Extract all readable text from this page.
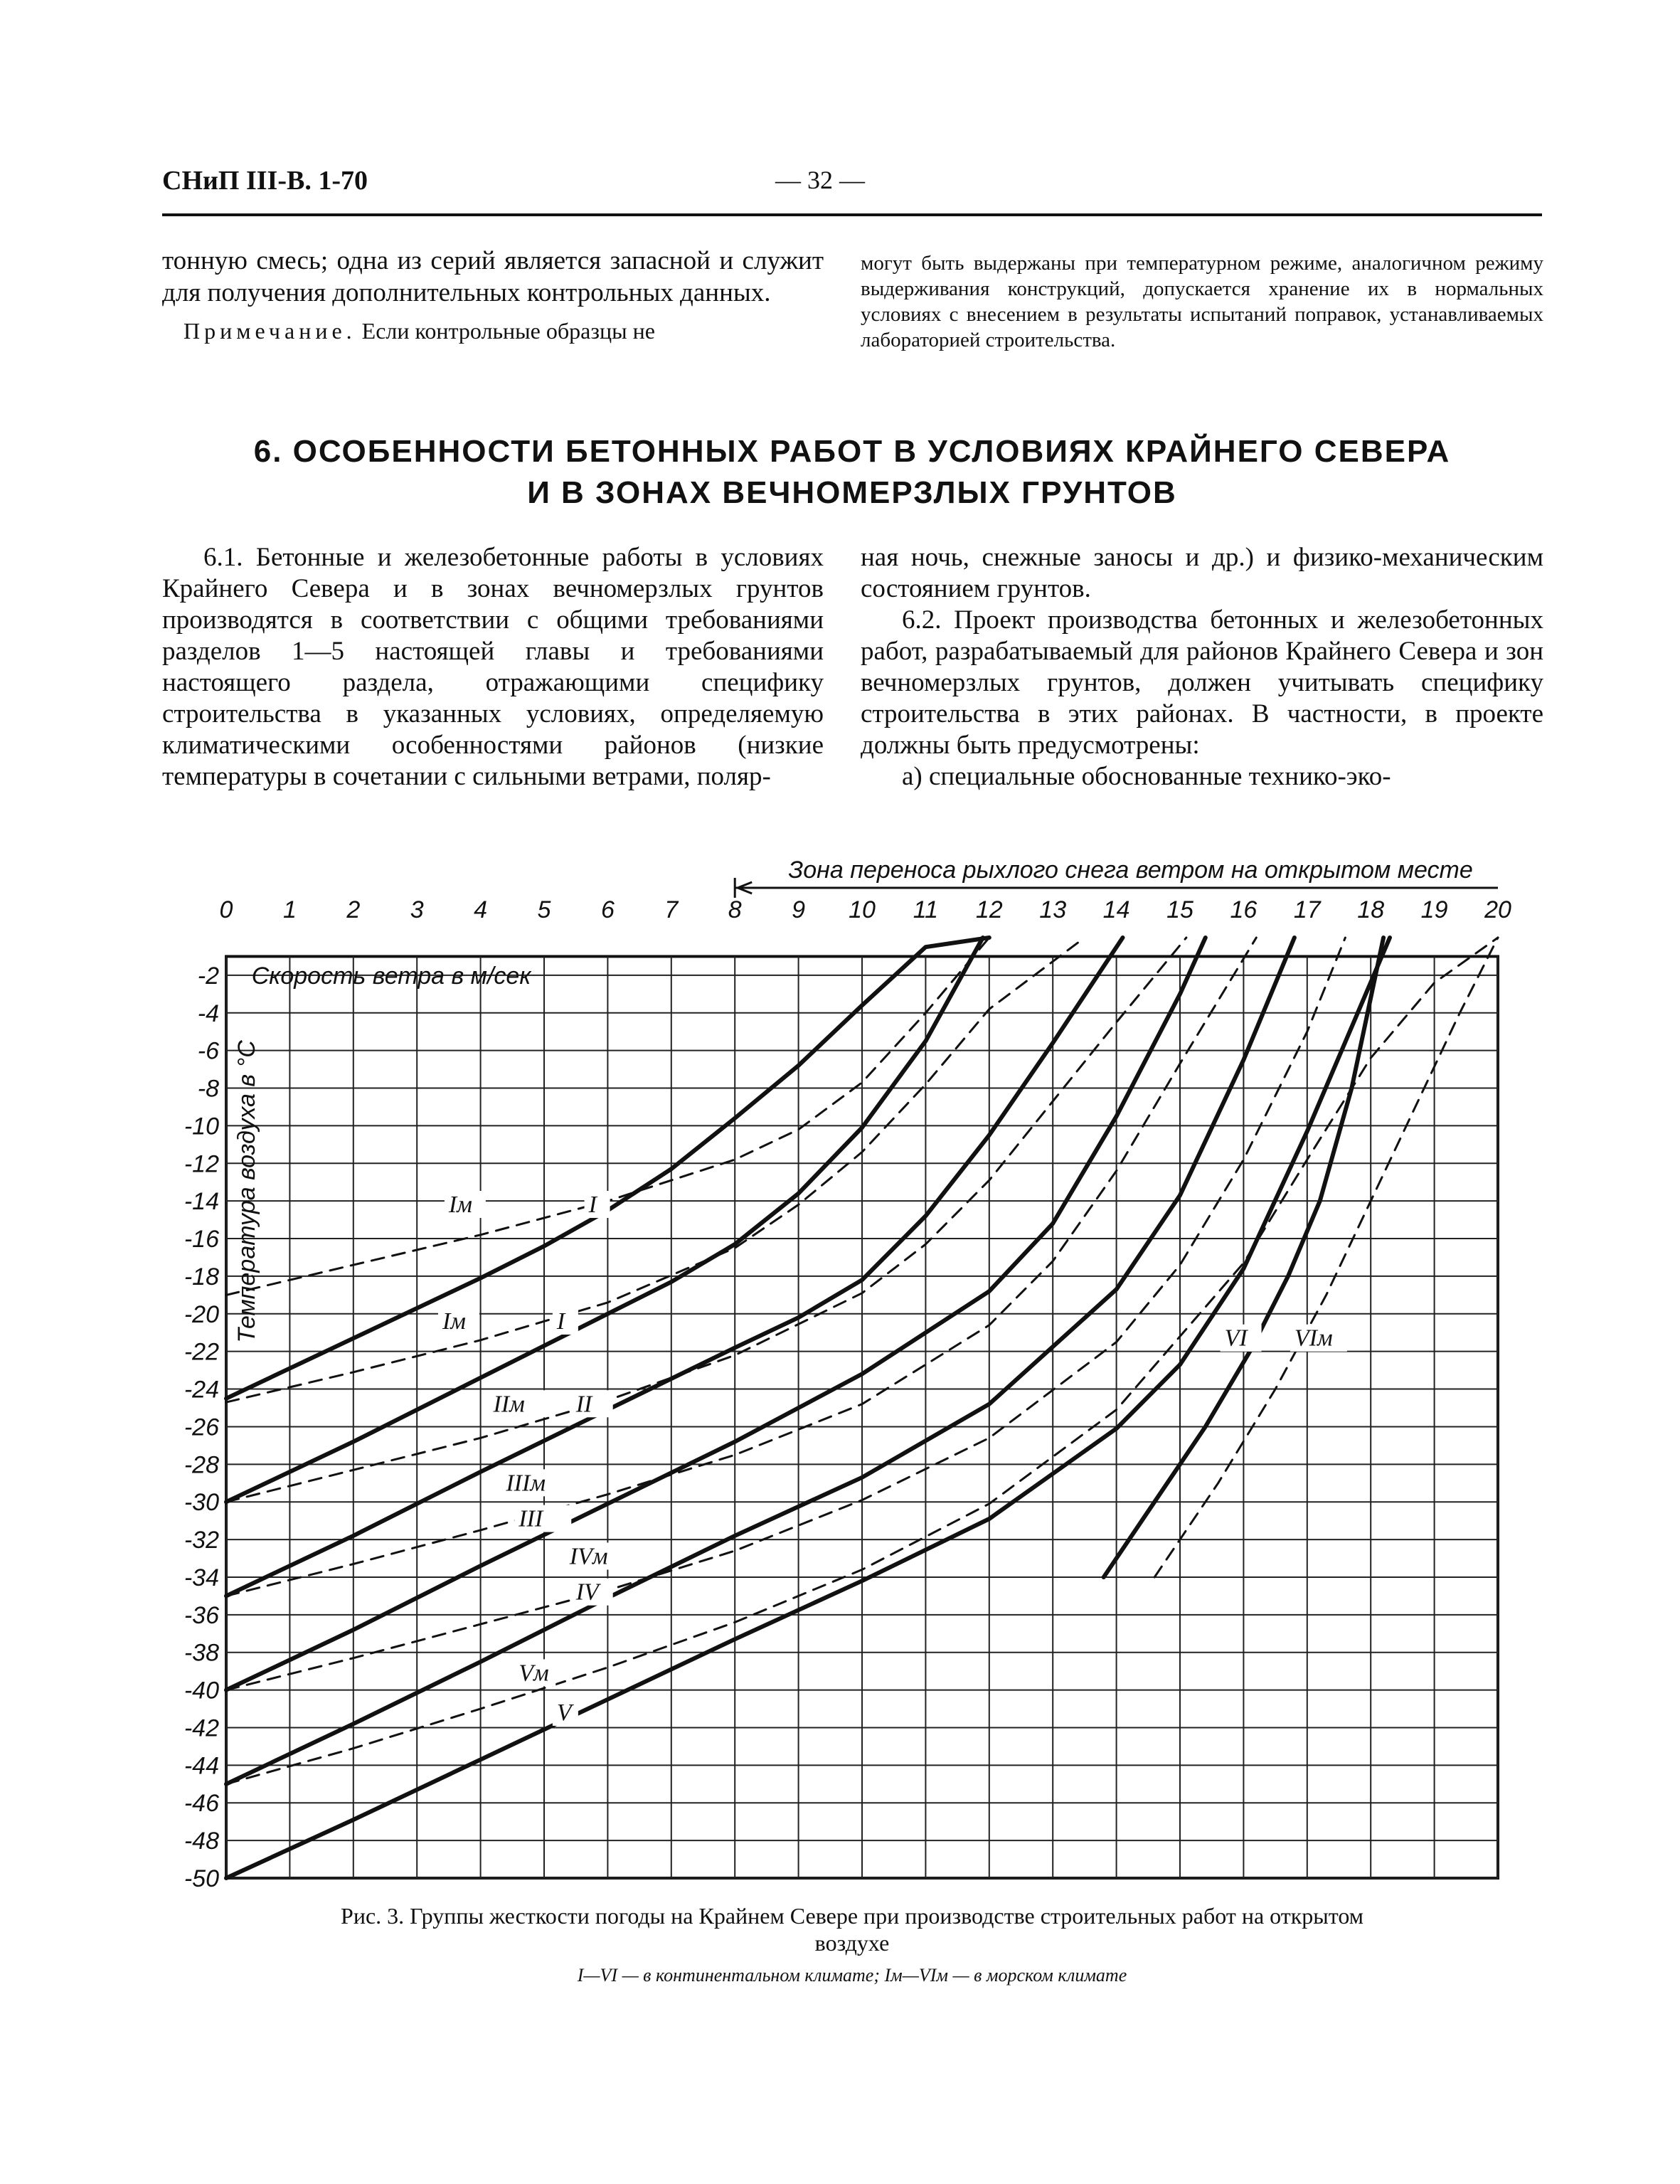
СНиП III-В. 1-70	— 32 —

тонную смесь; одна из серий является запасной и служит для получения дополнительных контрольных данных.

Примечание. Если контрольные образцы не

могут быть выдержаны при температурном режиме, аналогичном режиму выдерживания конструкций, допускается хранение их в нормальных условиях с внесением в результаты испытаний поправок, устанавливаемых лабораторией строительства.

6. ОСОБЕННОСТИ БЕТОННЫХ РАБОТ В УСЛОВИЯХ КРАЙНЕГО СЕВЕРА
И В ЗОНАХ ВЕЧНОМЕРЗЛЫХ ГРУНТОВ

6.1. Бетонные и железобетонные работы в условиях Крайнего Севера и в зонах вечномерзлых грунтов производятся в соответствии с общими требованиями разделов 1—5 настоящей главы и требованиями настоящего раздела, отражающими специфику строительства в указанных условиях, определяемую климатическими особенностями районов (низкие температуры в сочетании с сильными ветрами, поляр-

ная ночь, снежные заносы и др.) и физико-механическим состоянием грунтов.

6.2. Проект производства бетонных и железобетонных работ, разрабатываемый для районов Крайнего Севера и зон вечномерзлых грунтов, должен учитывать специфику строительства в этих районах. В частности, в проекте должны быть предусмотрены:

а) специальные обоснованные технико-эко-

0 1 2 3 4 5 6 7 8 9 10 11 12 13 14 15 16 17 18 19 20
-2
-4
-6
-8
-10
-12
-14
-16
-18
-20
-22
-24
-26
-28
-30
-32
-34
-36
-38
-40
-42
-44
-46
-48
-50
Скорость ветра в м/сек
Температура воздуха в °С
Зона переноса рыхлого снега ветром на открытом месте
Iм	I
Iм	I
IIм II
IIIм
III
IVм
IV
Vм
V
VI VIм
Рис. 3. Группы жесткости погоды на Крайнем Севере при производстве строительных работ на открытом
воздухе
I—VI — в континентальном климате; Iм—VIм — в морском климате
